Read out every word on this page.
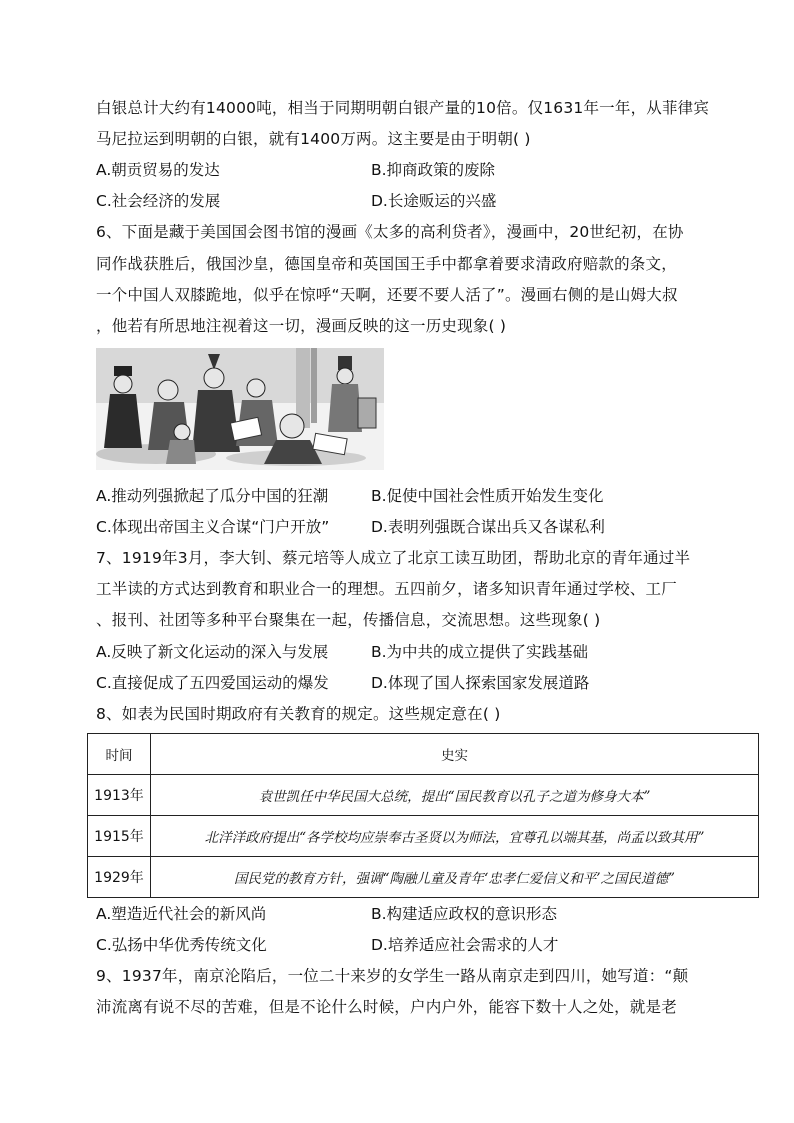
白银总计大约有14000吨，相当于同期明朝白银产量的10倍。仅1631年一年，从菲律宾
马尼拉运到明朝的白银，就有1400万两。这主要是由于明朝( )
A.朝贡贸易的发达	B.抑商政策的废除
C.社会经济的发展	D.长途贩运的兴盛
6、下面是藏于美国国会图书馆的漫画《太多的高利贷者》，漫画中，20世纪初，在协
同作战获胜后，俄国沙皇，德国皇帝和英国国王手中都拿着要求清政府赔款的条文，
一个中国人双膝跪地，似乎在惊呼“天啊，还要不要人活了”。漫画右侧的是山姆大叔
，他若有所思地注视着这一切，漫画反映的这一历史现象( )
A.推动列强掀起了瓜分中国的狂潮	B.促使中国社会性质开始发生变化
C.体现出帝国主义合谋“门户开放”	D.表明列强既合谋出兵又各谋私利
7、1919年3月，李大钊、蔡元培等人成立了北京工读互助团，帮助北京的青年通过半
工半读的方式达到教育和职业合一的理想。五四前夕，诸多知识青年通过学校、工厂
、报刊、社团等多种平台聚集在一起，传播信息，交流思想。这些现象( )
A.反映了新文化运动的深入与发展	B.为中共的成立提供了实践基础
C.直接促成了五四爱国运动的爆发	D.体现了国人探索国家发展道路
8、如表为民国时期政府有关教育的规定。这些规定意在( )
时间	史实
1913年	袁世凯任中华民国大总统，提出“国民教育以孔子之道为修身大本”
1915年	北洋洋政府提出“各学校均应崇奉古圣贤以为师法，宜尊孔以端其基，尚孟以致其用”
1929年	国民党的教育方针，强调“陶融儿童及青年‘忠孝仁爱信义和平’之国民道德”
A.塑造近代社会的新风尚	B.构建适应政权的意识形态
C.弘扬中华优秀传统文化	D.培养适应社会需求的人才
9、1937年，南京沦陷后，一位二十来岁的女学生一路从南京走到四川，她写道：“颠
沛流离有说不尽的苦难，但是不论什么时候，户内户外，能容下数十人之处，就是老
